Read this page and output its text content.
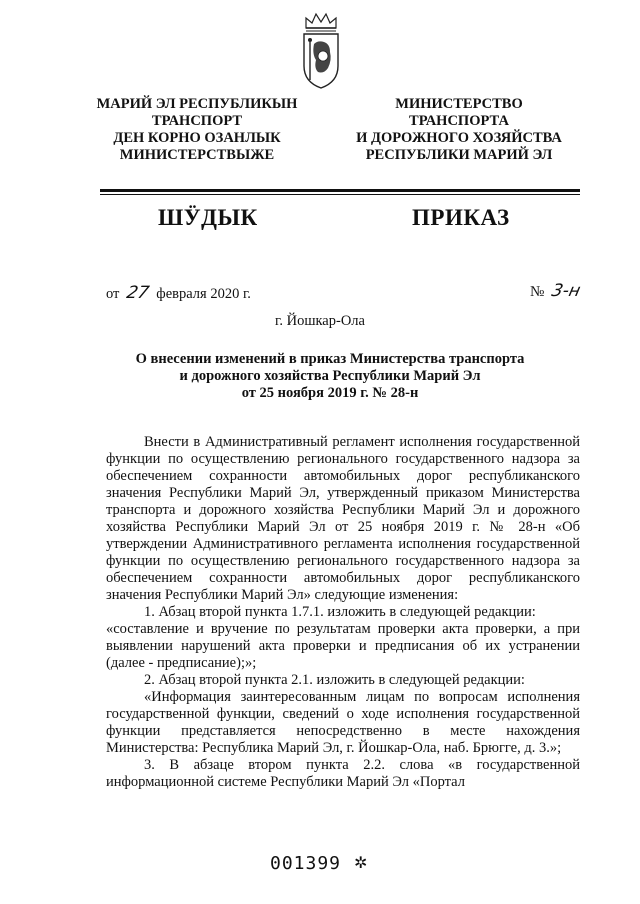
МАРИЙ ЭЛ РЕСПУБЛИКЫН
ТРАНСПОРТ
ДЕН КОРНО ОЗАНЛЫК
МИНИСТЕРСТВЫЖЕ
МИНИСТЕРСТВО
ТРАНСПОРТА
И ДОРОЖНОГО ХОЗЯЙСТВА
РЕСПУБЛИКИ МАРИЙ ЭЛ
ШӰДЫК	ПРИКАЗ
от 27 февраля 2020 г.	№ 3-н
г. Йошкар-Ола
О внесении изменений в приказ Министерства транспорта
и дорожного хозяйства Республики Марий Эл
от 25 ноября 2019 г. № 28-н

Внести в Административный регламент исполнения государственной функции по осуществлению регионального государственного надзора за обеспечением сохранности автомобильных дорог республиканского значения Республики Марий Эл, утвержденный приказом Министерства транспорта и дорожного хозяйства Республики Марий Эл и дорожного хозяйства Республики Марий Эл от 25 ноября 2019 г. № 28-н «Об утверждении Административного регламента исполнения государственной функции по осуществлению регионального государственного надзора за обеспечением сохранности автомобильных дорог республиканского значения Республики Марий Эл» следующие изменения:

1. Абзац второй пункта 1.7.1. изложить в следующей редакции:

«составление и вручение по результатам проверки акта проверки, а при выявлении нарушений акта проверки и предписания об их устранении (далее - предписание);»;

2. Абзац второй пункта 2.1. изложить в следующей редакции:

«Информация заинтересованным лицам по вопросам исполнения государственной функции, сведений о ходе исполнения государственной функции представляется непосредственно в месте нахождения Министерства: Республика Марий Эл, г. Йошкар-Ола, наб. Брюгге, д. 3.»;

3. В абзаце втором пункта 2.2. слова «в государственной информационной системе Республики Марий Эл «Портал

001399 ✲
